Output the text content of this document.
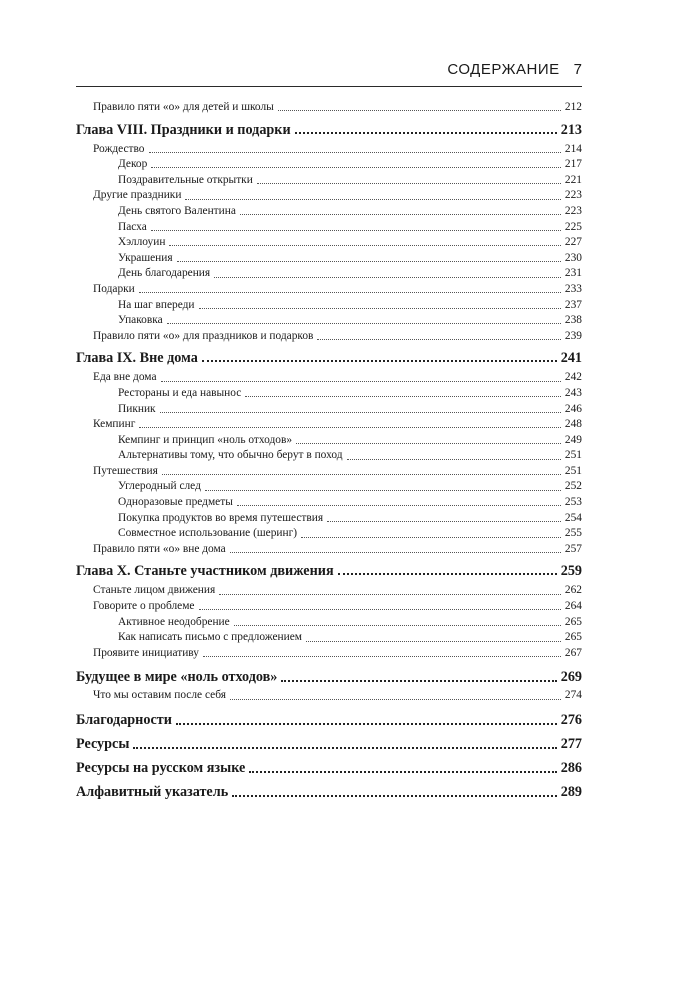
СОДЕРЖАНИЕ 7
Правило пяти «о» для детей и школы	212
Глава VIII. Праздники и подарки	213
Рождество	214
Декор	217
Поздравительные открытки	221
Другие праздники	223
День святого Валентина	223
Пасха	225
Хэллоуин	227
Украшения	230
День благодарения	231
Подарки	233
На шаг впереди	237
Упаковка	238
Правило пяти «о» для праздников и подарков	239
Глава IX. Вне дома	241
Еда вне дома	242
Рестораны и еда навынос	243
Пикник	246
Кемпинг	248
Кемпинг и принцип «ноль отходов»	249
Альтернативы тому, что обычно берут в поход	251
Путешествия	251
Углеродный след	252
Одноразовые предметы	253
Покупка продуктов во время путешествия	254
Совместное использование (шеринг)	255
Правило пяти «о» вне дома	257
Глава X. Станьте участником движения	259
Станьте лицом движения	262
Говорите о проблеме	264
Активное неодобрение	265
Как написать письмо с предложением	265
Проявите инициативу	267
Будущее в мире «ноль отходов»	269
Что мы оставим после себя	274
Благодарности	276
Ресурсы	277
Ресурсы на русском языке	286
Алфавитный указатель	289
